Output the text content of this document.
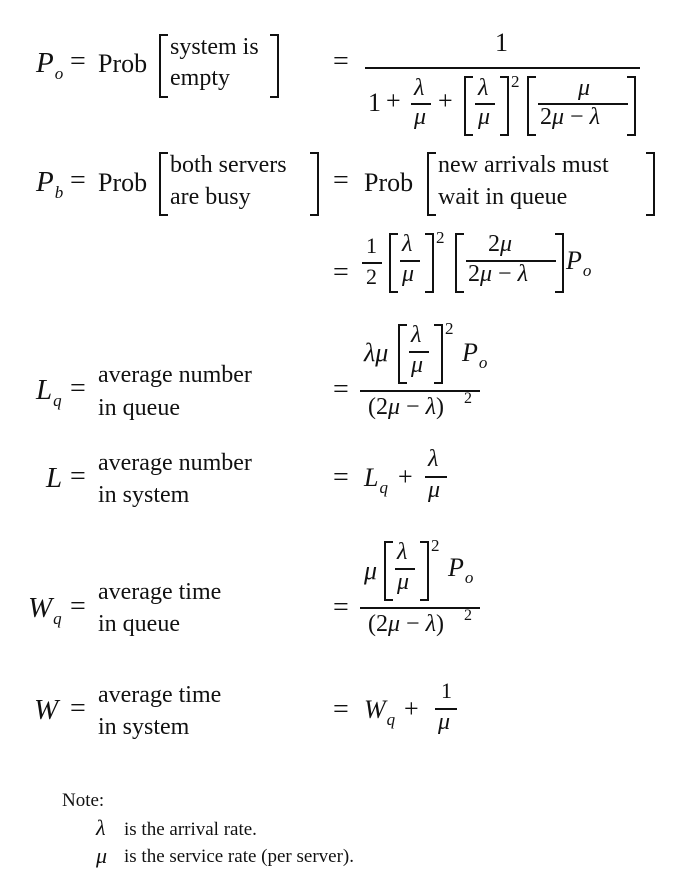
$P_o$ = Prob
system is
empty
=
1
1 + λ
μ
+ λ
μ
2 μ
2μ − λ
$P_b$ = Prob
both servers
are busy
= Prob
new arrivals must
wait in queue
=
1
2
λ
μ
2 2μ
2μ − λ $P_o$
$L_q$ = average number
in queue
=
λμ
λ
μ
2
$P_o$
(2μ − λ) 2
L = average number
in system
= $L_q$ +
λ
μ
$W_q$ = average time
in queue
=
μ
λ
μ
2
$P_o$
(2μ − λ) 2
W = average time
in system
= $W_q$ +
1
μ
Note:
λ is the arrival rate.
μ is the service rate (per server).
